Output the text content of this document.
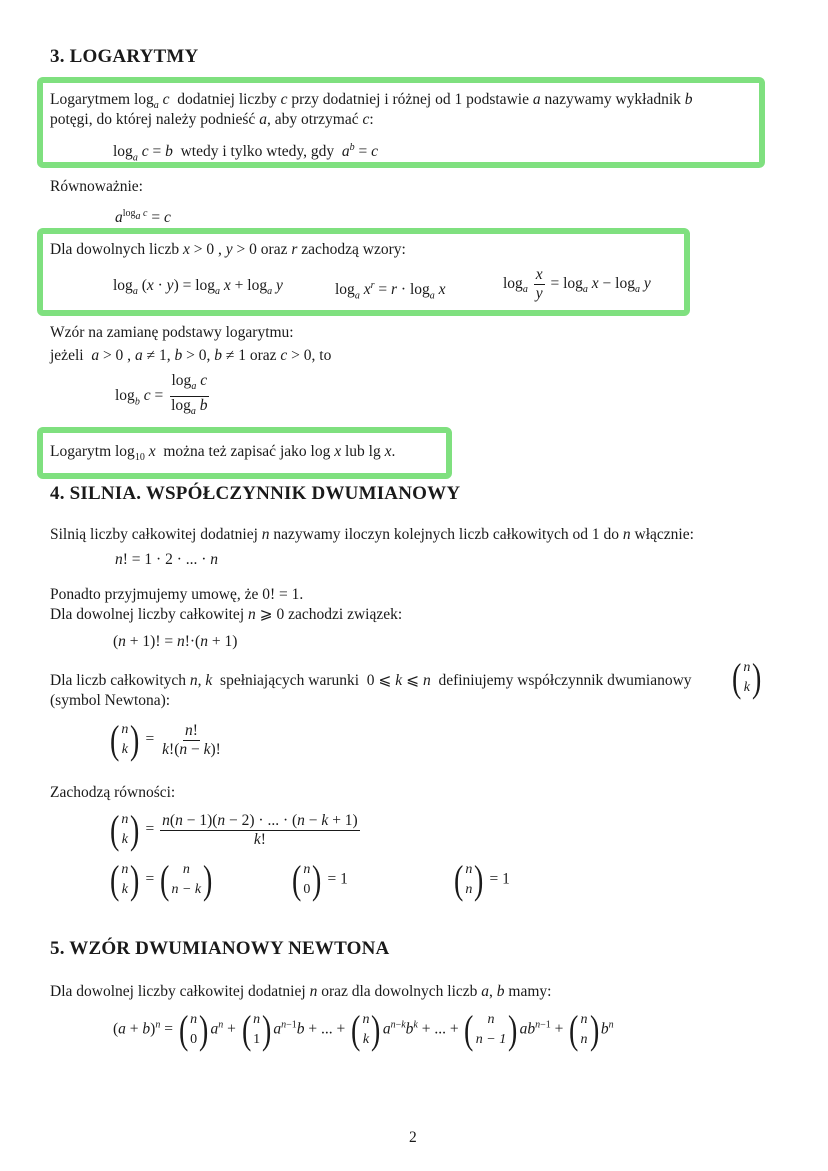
3. LOGARYTMY
Logarytmem $\log_a c$ dodatniej liczby c przy dodatniej i różnej od 1 podstawie a nazywamy wykładnik b
potęgi, do której należy podnieść a, aby otrzymać c:
$\log_a c = b$ wtedy i tylko wtedy, gdy $a^b = c$
Równoważnie:
$a^{log_a c} = c$
Dla dowolnych liczb x > 0 , y > 0 oraz r zachodzą wzory:
$\log_a (x \cdot y) = \log_a x + \log_a y$	$\log_a x^r = r \cdot \log_a x$	$\log_a \frac{x}{y} = \log_a x - \log_a y$
Wzór na zamianę podstawy logarytmu:
jeżeli a > 0 , a ≠ 1, b > 0, b ≠ 1 oraz c > 0, to
$\log_b c = \frac{\log_a c}{\log_a b}$
Logarytm $\log_{10} x$ można też zapisać jako log x lub lg x.
4. SILNIA. WSPÓŁCZYNNIK DWUMIANOWY
Silnią liczby całkowitej dodatniej n nazywamy iloczyn kolejnych liczb całkowitych od 1 do n włącznie:
n! = 1 · 2 · ... · n
Ponadto przyjmujemy umowę, że 0! = 1.
Dla dowolnej liczby całkowitej n ⩾ 0 zachodzi związek:
(n + 1)! = n!·(n + 1)
Dla liczb całkowitych n, k spełniających warunki  0 ⩽ k ⩽ n definiujemy współczynnik dwumianowy ( n
k )
(symbol Newtona):
( n
k ) = $\frac{n!}{k!(n - k)!}$
Zachodzą równości:
( n
k ) = $\frac{n(n - 1)(n - 2) \cdot ... \cdot (n - k + 1)}{k!}$
( n
k ) = ( n
n − k ) ( n
0 ) = 1	( n
n ) = 1
5. WZÓR DWUMIANOWY NEWTONA
Dla dowolnej liczby całkowitej dodatniej n oraz dla dowolnych liczb a, b mamy:
$(a + b)^n$ = ( n
0 ) $a^n$ + ( n
1 ) $a^{n-1}b$ + ... + ( n
k ) $a^{n-k}b^k$ + ... + ( n
n − 1 ) $ab^{n-1}$ + ( n
n ) $b^n$
2
